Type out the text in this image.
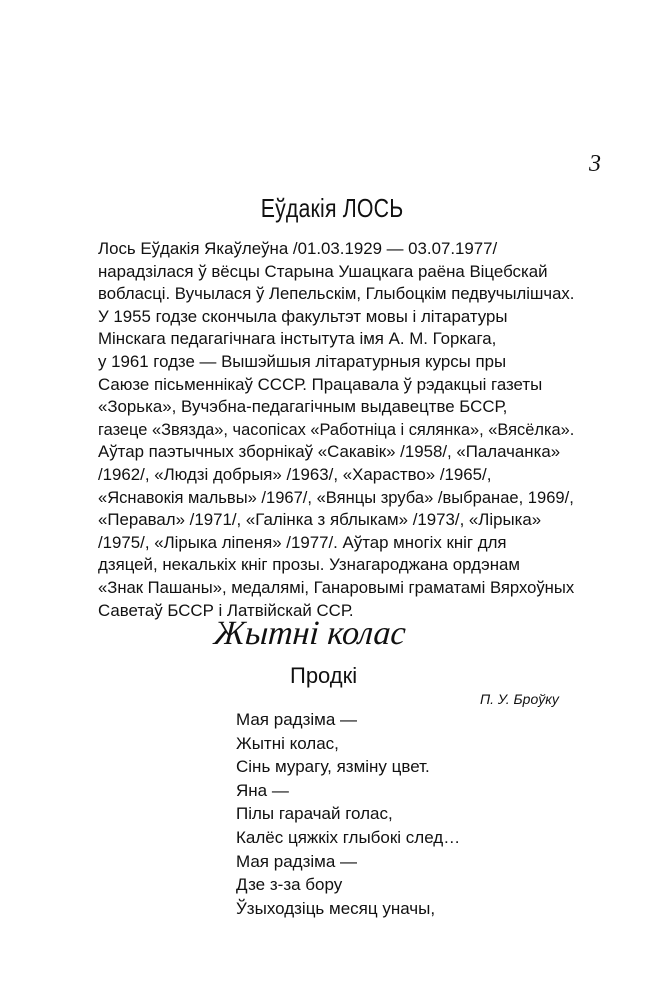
3
Еўдакія ЛОСЬ
Лось Еўдакія Якаўлеўна /01.03.1929 — 03.07.1977/
нарадзілася ў вёсцы Старына Ушацкага раёна Віцебскай
вобласці. Вучылася ў Лепельскім, Глыбоцкім педвучылішчах.
У 1955 годзе скончыла факультэт мовы і літаратуры
Мінскага педагагічнага інстытута імя А. М. Горкага,
у 1961 годзе — Вышэйшыя літаратурныя курсы пры
Саюзе пісьменнікаў СССР. Працавала ў рэдакцыі газеты
«Зорька», Вучэбна-педагагічным выдавецтве БССР,
газеце «Звязда», часопісах «Работніца і сялянка», «Вясёлка».
Аўтар паэтычных зборнікаў «Сакавік» /1958/, «Палачанка»
/1962/, «Людзі добрыя» /1963/, «Харaство» /1965/,
«Яснавокія мальвы» /1967/, «Вянцы зруба» /выбранае, 1969/,
«Перавал» /1971/, «Галінка з яблыкам» /1973/, «Лірыка»
/1975/, «Лірыка ліпеня» /1977/. Аўтар многіх кніг для
дзяцей, некалькіх кніг прозы. Узнагароджана ордэнам
«Знак Пашаны», медалямі, Ганаровымі граматамі Вярхоўных
Саветаў БССР і Латвійскай ССР.
Жытні колас
Продкі
П. У. Броўку
Мая радзіма —
Жытні колас,
Сінь мурагу, язміну цвет.
Яна —
Пілы гарачай голас,
Калёс цяжкіх глыбокі след…
Мая радзіма —
Дзе з-за бору
Ўзыходзіць месяц уначы,
